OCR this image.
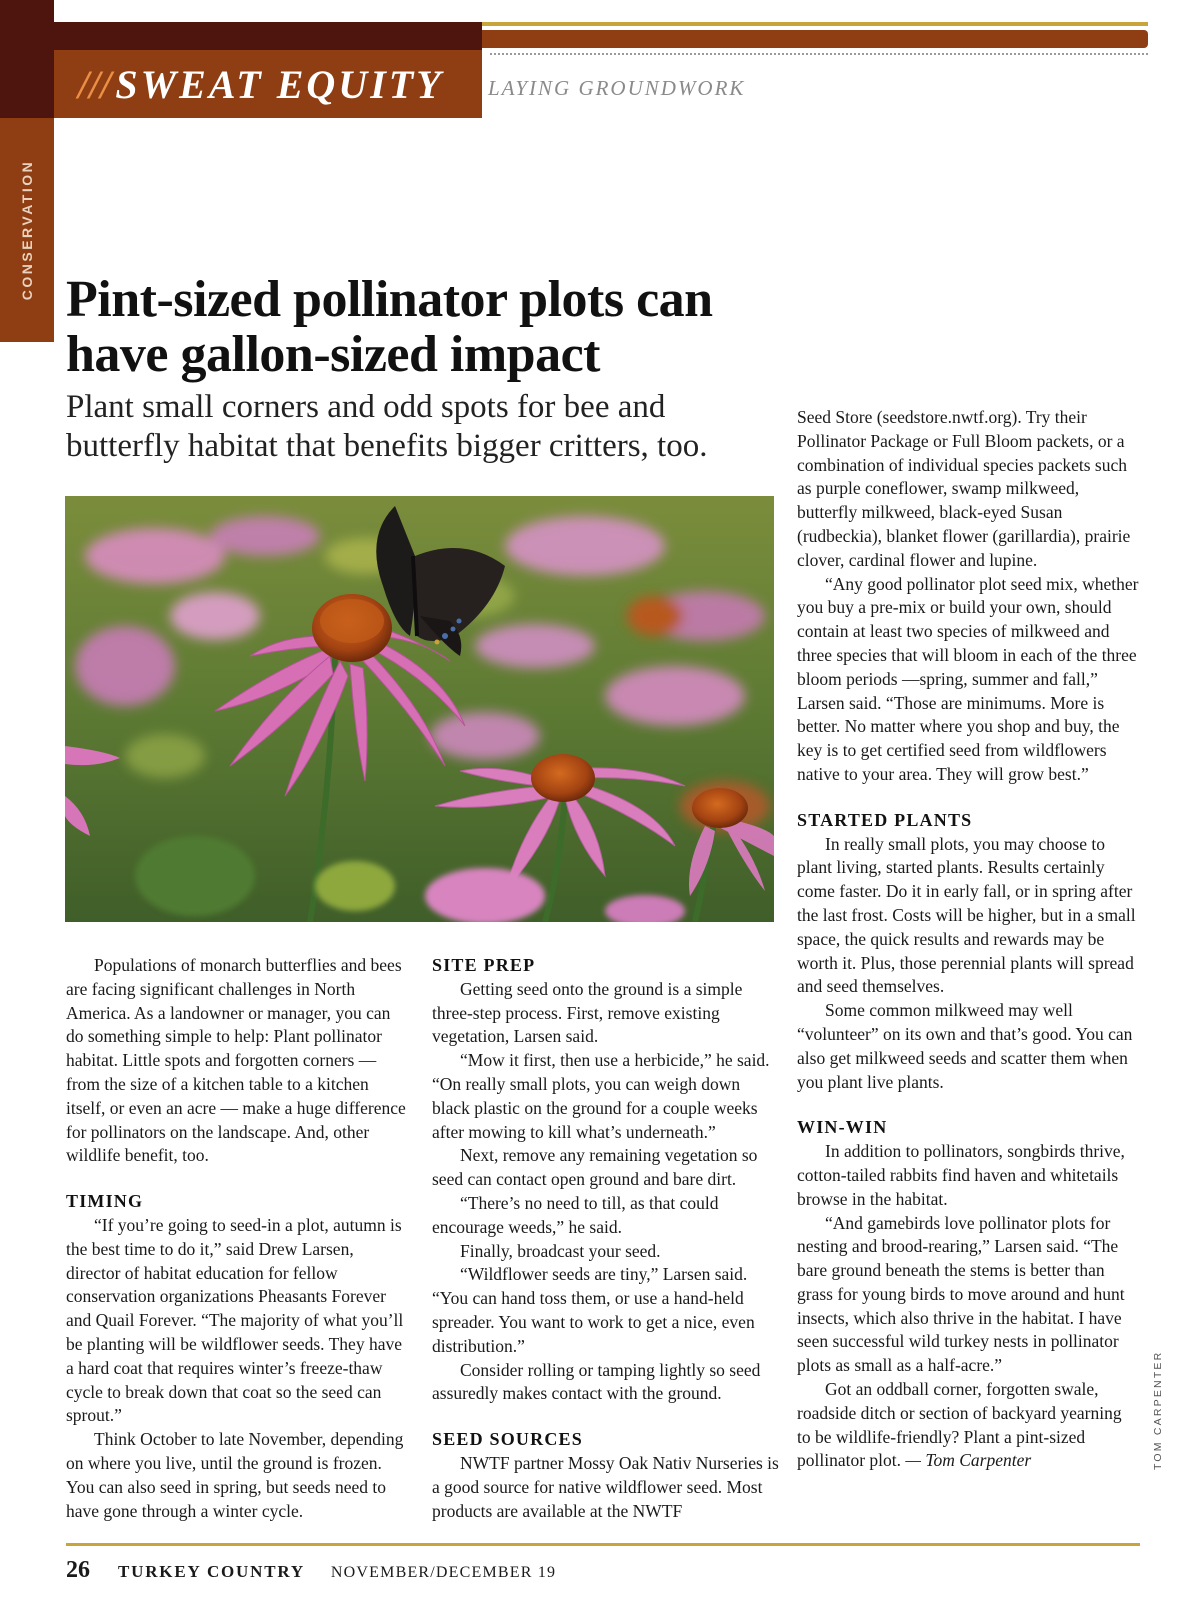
CONSERVATION
/// SWEAT EQUITY LAYING GROUNDWORK
Pint-sized pollinator plots can have gallon-sized impact

Plant small corners and odd spots for bee and butterfly habitat that benefits bigger critters, too.

Populations of monarch butterflies and bees are facing significant challenges in North America. As a landowner or manager, you can do something simple to help: Plant pollinator habitat. Little spots and forgotten corners — from the size of a kitchen table to a kitchen itself, or even an acre — make a huge difference for pollinators on the landscape. And, other wildlife benefit, too.

TIMING

“If you’re going to seed-in a plot, autumn is the best time to do it,” said Drew Larsen, director of habitat education for fellow conservation organizations Pheasants Forever and Quail Forever. “The majority of what you’ll be planting will be wildflower seeds. They have a hard coat that requires winter’s freeze-thaw cycle to break down that coat so the seed can sprout.”

Think October to late November, depending on where you live, until the ground is frozen. You can also seed in spring, but seeds need to have gone through a winter cycle.

SITE PREP

Getting seed onto the ground is a simple three-step process. First, remove existing vegetation, Larsen said.

“Mow it first, then use a herbicide,” he said. “On really small plots, you can weigh down black plastic on the ground for a couple weeks after mowing to kill what’s underneath.”

Next, remove any remaining vegetation so seed can contact open ground and bare dirt.

“There’s no need to till, as that could encourage weeds,” he said.

Finally, broadcast your seed.

“Wildflower seeds are tiny,” Larsen said. “You can hand toss them, or use a hand-held spreader. You want to work to get a nice, even distribution.”

Consider rolling or tamping lightly so seed assuredly makes contact with the ground.

SEED SOURCES

NWTF partner Mossy Oak Nativ Nurseries is a good source for native wildflower seed. Most products are available at the NWTF

Seed Store (seedstore.nwtf.org). Try their Pollinator Package or Full Bloom packets, or a combination of individual species packets such as purple coneflower, swamp milkweed, butterfly milkweed, black-eyed Susan (rudbeckia), blanket flower (garillardia), prairie clover, cardinal flower and lupine.

“Any good pollinator plot seed mix, whether you buy a pre-mix or build your own, should contain at least two species of milkweed and three species that will bloom in each of the three bloom periods —spring, summer and fall,” Larsen said. “Those are minimums. More is better. No matter where you shop and buy, the key is to get certified seed from wildflowers native to your area. They will grow best.”

STARTED PLANTS

In really small plots, you may choose to plant living, started plants. Results certainly come faster. Do it in early fall, or in spring after the last frost. Costs will be higher, but in a small space, the quick results and rewards may be worth it. Plus, those perennial plants will spread and seed themselves.

Some common milkweed may well “volunteer” on its own and that’s good. You can also get milkweed seeds and scatter them when you plant live plants.

WIN-WIN

In addition to pollinators, songbirds thrive, cotton-tailed rabbits find haven and whitetails browse in the habitat.

“And gamebirds love pollinator plots for nesting and brood-rearing,” Larsen said. “The bare ground beneath the stems is better than grass for young birds to move around and hunt insects, which also thrive in the habitat. I have seen successful wild turkey nests in pollinator plots as small as a half-acre.”

Got an oddball corner, forgotten swale, roadside ditch or section of backyard yearning to be wildlife-friendly? Plant a pint-sized pollinator plot. — Tom Carpenter	TOM CARPENTER
26 TURKEY COUNTRY NOVEMBER/DECEMBER 19
